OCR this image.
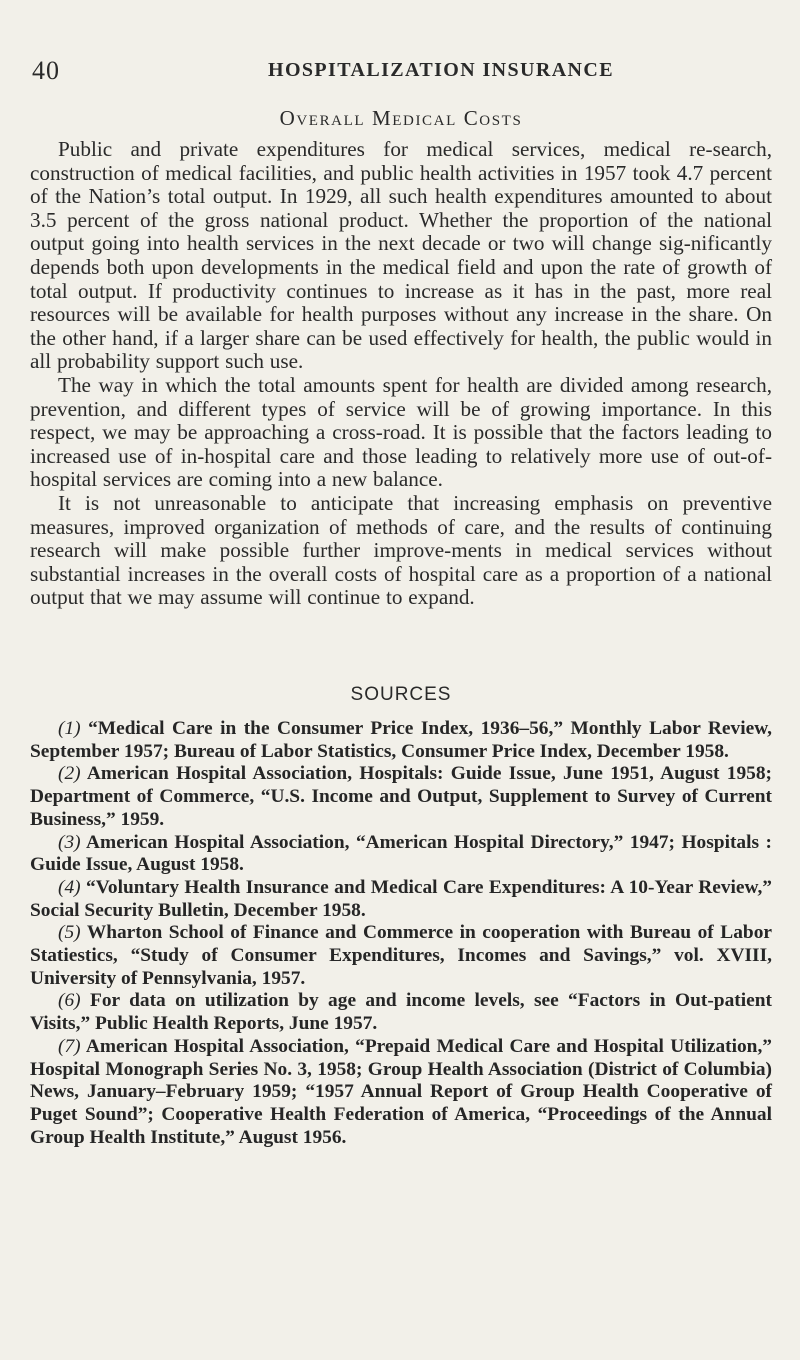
40	HOSPITALIZATION INSURANCE
Overall Medical Costs

Public and private expenditures for medical services, medical re-search, construction of medical facilities, and public health activities in 1957 took 4.7 percent of the Nation’s total output. In 1929, all such health expenditures amounted to about 3.5 percent of the gross national product. Whether the proportion of the national output going into health services in the next decade or two will change sig-nificantly depends both upon developments in the medical field and upon the rate of growth of total output. If productivity continues to increase as it has in the past, more real resources will be available for health purposes without any increase in the share. On the other hand, if a larger share can be used effectively for health, the public would in all probability support such use.

The way in which the total amounts spent for health are divided among research, prevention, and different types of service will be of growing importance. In this respect, we may be approaching a cross-road. It is possible that the factors leading to increased use of in-hospital care and those leading to relatively more use of out-of-hospital services are coming into a new balance.

It is not unreasonable to anticipate that increasing emphasis on preventive measures, improved organization of methods of care, and the results of continuing research will make possible further improve-ments in medical services without substantial increases in the overall costs of hospital care as a proportion of a national output that we may assume will continue to expand.

SOURCES

(1) “Medical Care in the Consumer Price Index, 1936–56,” Monthly Labor Review, September 1957; Bureau of Labor Statistics, Consumer Price Index, December 1958.

(2) American Hospital Association, Hospitals: Guide Issue, June 1951, August 1958; Department of Commerce, “U.S. Income and Output, Supplement to Survey of Current Business,” 1959.

(3) American Hospital Association, “American Hospital Directory,” 1947; Hospitals : Guide Issue, August 1958.

(4) “Voluntary Health Insurance and Medical Care Expenditures: A 10-Year Review,” Social Security Bulletin, December 1958.

(5) Wharton School of Finance and Commerce in cooperation with Bureau of Labor Statiestics, “Study of Consumer Expenditures, Incomes and Savings,” vol. XVIII, University of Pennsylvania, 1957.

(6) For data on utilization by age and income levels, see “Factors in Out-patient Visits,” Public Health Reports, June 1957.

(7) American Hospital Association, “Prepaid Medical Care and Hospital Utilization,” Hospital Monograph Series No. 3, 1958; Group Health Association (District of Columbia) News, January–February 1959; “1957 Annual Report of Group Health Cooperative of Puget Sound”; Cooperative Health Federation of America, “Proceedings of the Annual Group Health Institute,” August 1956.
